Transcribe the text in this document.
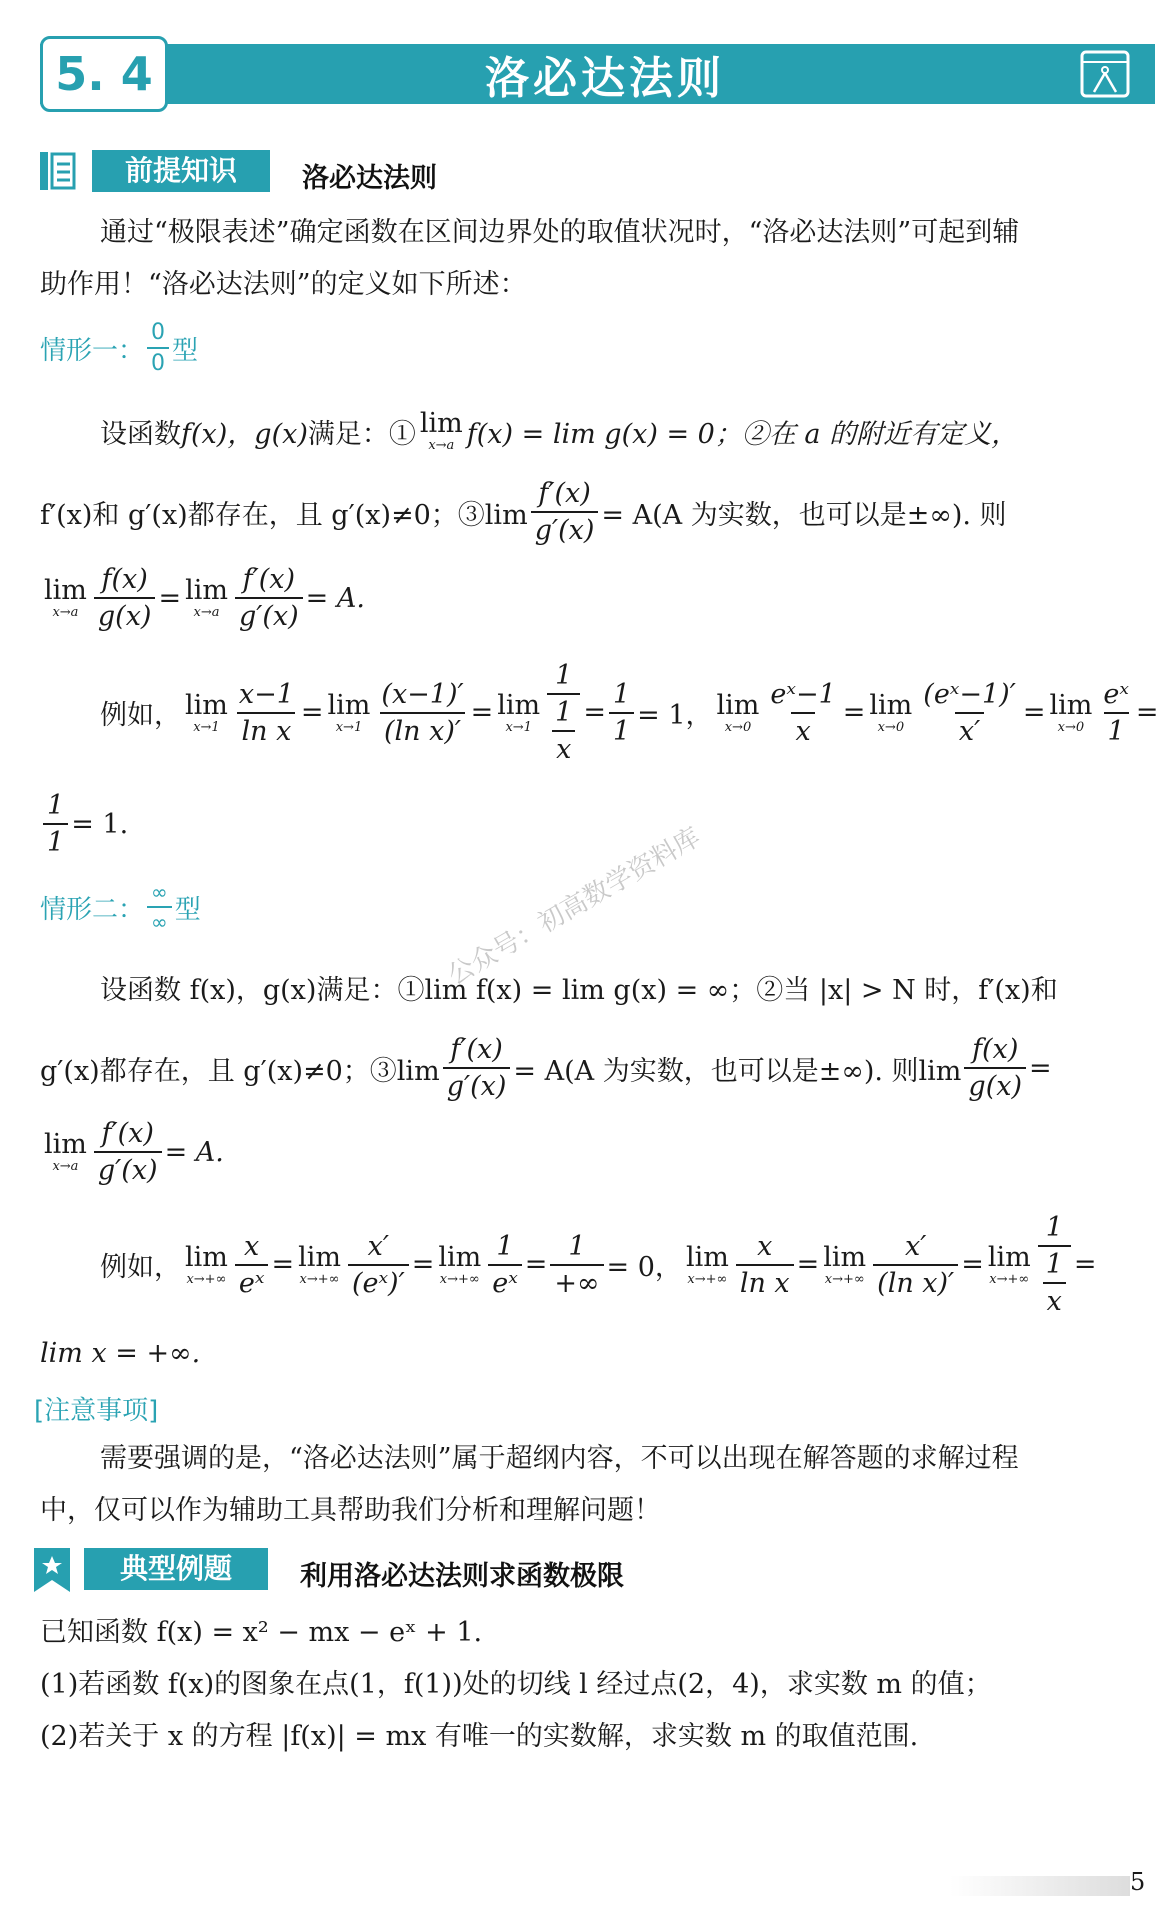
5. 4	洛必达法则
前提知识	洛必达法则
通过“极限表述”确定函数在区间边界处的取值状况时，“洛必达法则”可起到辅
助作用！“洛必达法则”的定义如下所述：
情形一： $\frac{0}{0}$ 型
设函数 f(x)，g(x) 满足：① lim
x→a f(x) = lim g(x) = 0；②在 a 的附近有定义，
f′(x)和 g′(x)都存在，且 g′(x)≠0；③lim $\frac{f'(x)}{g'(x)} = A(A$ 为实数，也可以是±∞). 则
lim
$x\to a \frac{f(x)}{g(x)} = \lim$
$x\to a \frac{f'(x)}{g'(x)} = A$.
例如， lim
$x\to 1 \frac{x-1}{\text{ln x}} = \lim$
$x\to 1 \frac{(x-1)'}{\text{(ln x)′}} = \lim$
$x\to 1 \frac{1}{\frac{1}{x}} = \frac{1}{1} = 1$， lim
$x\to 0 \frac{\text{eˣ−1}}{x} = \lim$
$x\to 0 \frac{\text{(eˣ−1)′}}{x'} = \lim$
$x\to 0 \frac{\text{eˣ}}{1}$ =
$\frac{1}{1} = 1$.
情形二： $\frac{\infty}{\infty}$ 型
设函数 f(x)，g(x)满足：①lim f(x) = lim g(x) = ∞；②当 |x| > N 时，f′(x)和
g′(x)都存在，且 g′(x)≠0；③lim $\frac{f'(x)}{g'(x)} = A(A$ 为实数，也可以是±∞). 则$\lim \frac{f(x)}{g(x)}$ =
lim
$x\to a \frac{f'(x)}{g'(x)} = A$.
例如， lim
$x\to+\infty \frac{x}{\text{eˣ}} = \lim$
$x\to+\infty \frac{x'}{\text{(eˣ)′}} = \lim$
$x\to+\infty \frac{1}{\text{eˣ}} = \frac{1}{+\infty} = 0$， lim
$x\to+\infty \frac{x}{\text{ln x}} = \lim$
$x\to+\infty \frac{x'}{\text{(ln x)′}} = \lim$
$x\to+\infty \frac{1}{\frac{1}{x}}$ =
lim x = +∞.
公众号：初高数学资料库
[注意事项]
需要强调的是，“洛必达法则”属于超纲内容，不可以出现在解答题的求解过程
中，仅可以作为辅助工具帮助我们分析和理解问题！
典型例题	利用洛必达法则求函数极限
已知函数 f(x) = x² − mx − eˣ + 1.
(1)若函数 f(x)的图象在点(1，f(1))处的切线 l 经过点(2，4)，求实数 m 的值；
(2)若关于 x 的方程 |f(x)| = mx 有唯一的实数解，求实数 m 的取值范围.
5
